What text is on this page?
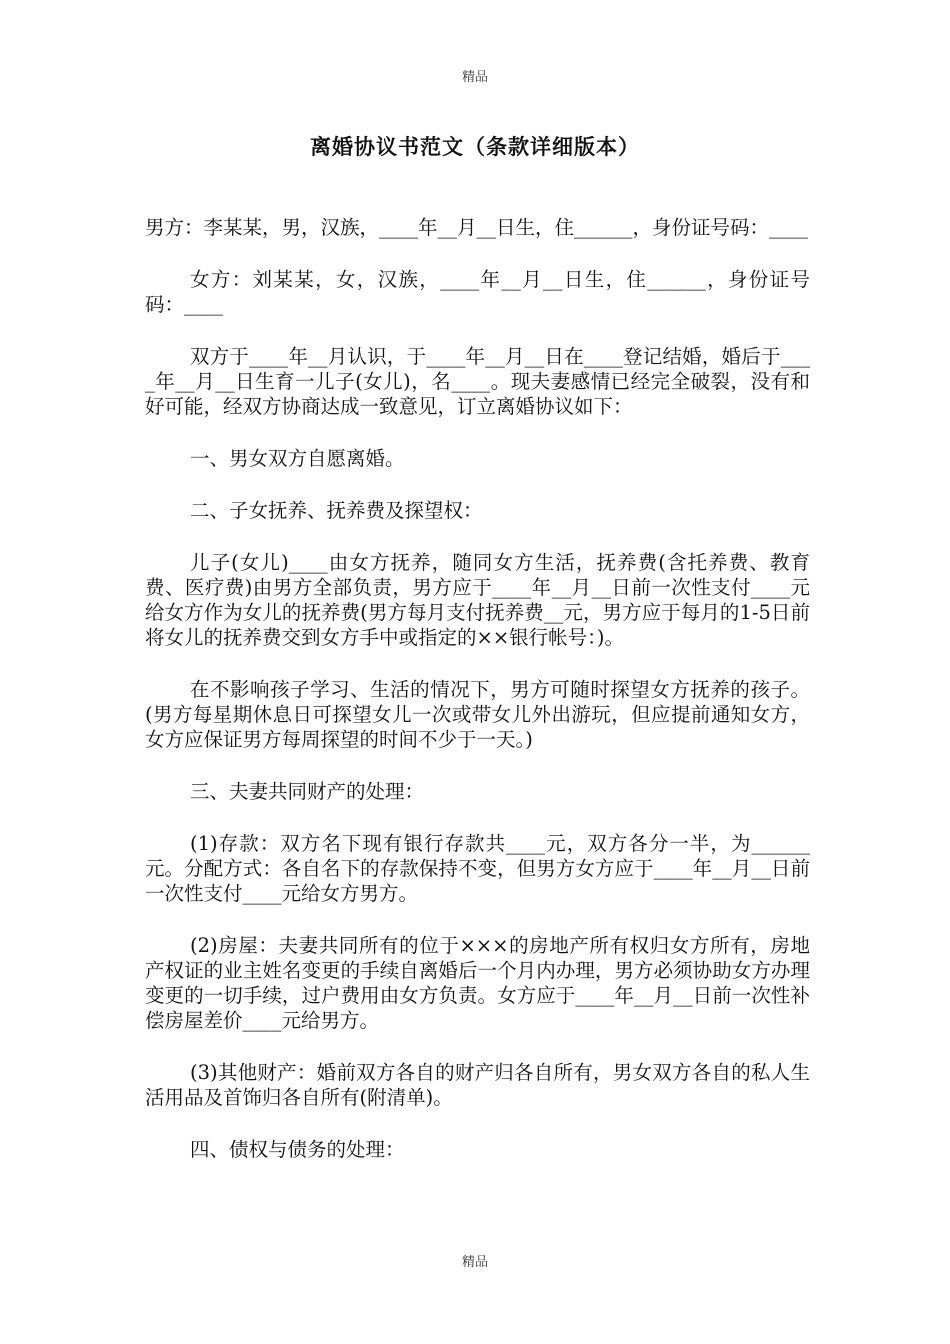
精品
离婚协议书范文（条款详细版本）

男方：李某某，男，汉族，____年__月__日生，住______，身份证号码：____

女方：刘某某，女，汉族，____年__月__日生，住______，身份证号码：____

双方于____年__月认识，于____年__月__日在____登记结婚，婚后于____年__月__日生育一儿子(女儿)，名____。现夫妻感情已经完全破裂，没有和好可能，经双方协商达成一致意见，订立离婚协议如下：

一、男女双方自愿离婚。

二、子女抚养、抚养费及探望权：

儿子(女儿)____由女方抚养，随同女方生活，抚养费(含托养费、教育费、医疗费)由男方全部负责，男方应于____年__月__日前一次性支付____元给女方作为女儿的抚养费(男方每月支付抚养费__元，男方应于每月的1-5日前将女儿的抚养费交到女方手中或指定的××银行帐号：)。

在不影响孩子学习、生活的情况下，男方可随时探望女方抚养的孩子。(男方每星期休息日可探望女儿一次或带女儿外出游玩，但应提前通知女方，女方应保证男方每周探望的时间不少于一天。)

三、夫妻共同财产的处理：

(1)存款：双方名下现有银行存款共____元，双方各分一半，为______元。分配方式：各自名下的存款保持不变，但男方女方应于____年__月__日前一次性支付____元给女方男方。

(2)房屋：夫妻共同所有的位于×××的房地产所有权归女方所有，房地产权证的业主姓名变更的手续自离婚后一个月内办理，男方必须协助女方办理变更的一切手续，过户费用由女方负责。女方应于____年__月__日前一次性补偿房屋差价____元给男方。

(3)其他财产：婚前双方各自的财产归各自所有，男女双方各自的私人生活用品及首饰归各自所有(附清单)。

四、债权与债务的处理：

精品
